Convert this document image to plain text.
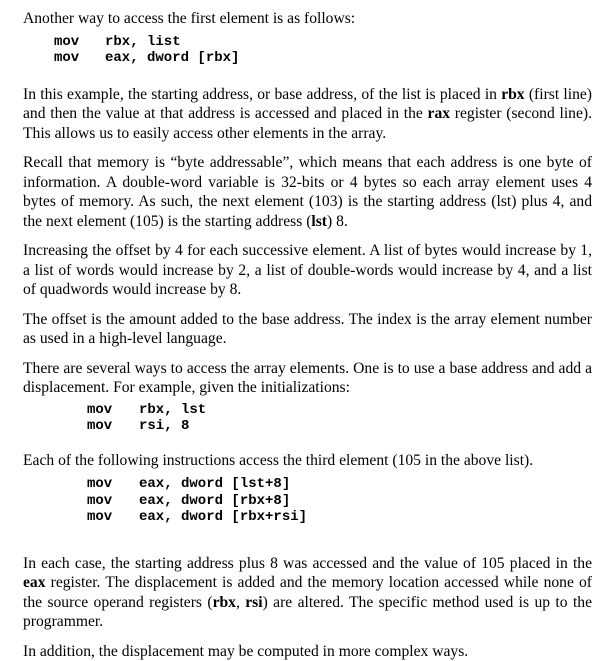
Another way to access the first element is as follows:

mov	rbx, list
mov	eax, dword [rbx]

In this example, the starting address, or base address, of the list is placed in rbx (first line) and then the value at that address is accessed and placed in the rax register (second line). This allows us to easily access other elements in the array.

Recall that memory is “byte addressable”, which means that each address is one byte of information. A double-word variable is 32-bits or 4 bytes so each array element uses 4 bytes of memory. As such, the next element (103) is the starting address (lst) plus 4, and the next element (105) is the starting address (lst) 8.

Increasing the offset by 4 for each successive element. A list of bytes would increase by 1, a list of words would increase by 2, a list of double-words would increase by 4, and a list of quadwords would increase by 8.

The offset is the amount added to the base address. The index is the array element number as used in a high-level language.

There are several ways to access the array elements. One is to use a base address and add a displacement. For example, given the initializations:

mov	rbx, lst
mov	rsi, 8

Each of the following instructions access the third element (105 in the above list).

mov	eax, dword [lst+8]
mov	eax, dword [rbx+8]
mov	eax, dword [rbx+rsi]

In each case, the starting address plus 8 was accessed and the value of 105 placed in the eax register. The displacement is added and the memory location accessed while none of the source operand registers (rbx, rsi) are altered. The specific method used is up to the programmer.

In addition, the displacement may be computed in more complex ways.
